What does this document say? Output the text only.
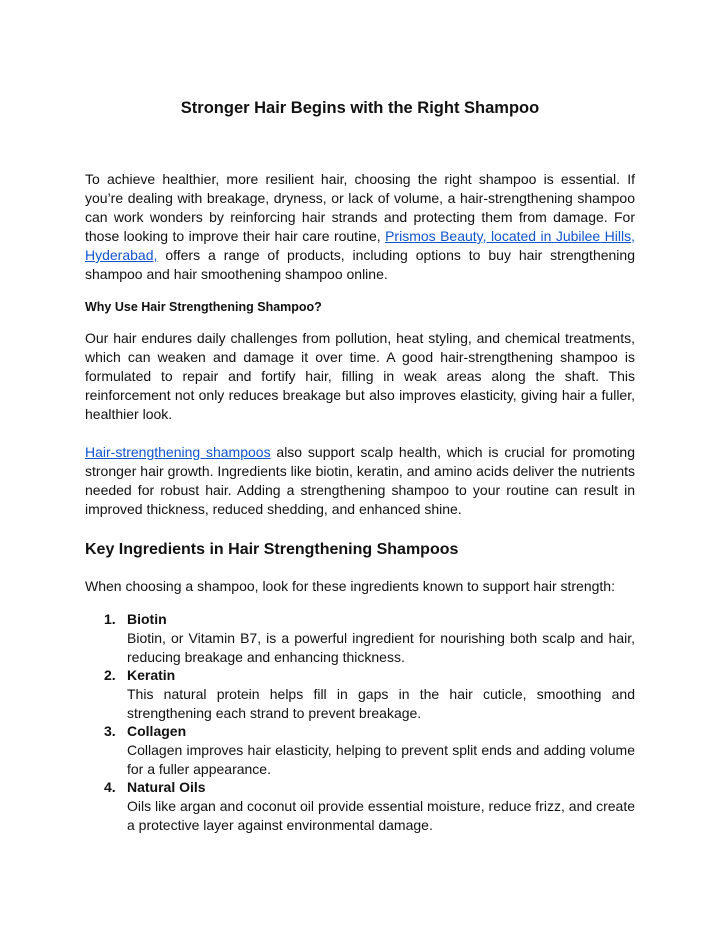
Stronger Hair Begins with the Right Shampoo

To achieve healthier, more resilient hair, choosing the right shampoo is essential. If you’re dealing with breakage, dryness, or lack of volume, a hair-strengthening shampoo can work wonders by reinforcing hair strands and protecting them from damage. For those looking to improve their hair care routine, Prismos Beauty, located in Jubilee Hills, Hyderabad, offers a range of products, including options to buy hair strengthening shampoo and hair smoothening shampoo online.

Why Use Hair Strengthening Shampoo?

Our hair endures daily challenges from pollution, heat styling, and chemical treatments, which can weaken and damage it over time. A good hair-strengthening shampoo is formulated to repair and fortify hair, filling in weak areas along the shaft. This reinforcement not only reduces breakage but also improves elasticity, giving hair a fuller, healthier look.

Hair-strengthening shampoos also support scalp health, which is crucial for promoting stronger hair growth. Ingredients like biotin, keratin, and amino acids deliver the nutrients needed for robust hair. Adding a strengthening shampoo to your routine can result in improved thickness, reduced shedding, and enhanced shine.

Key Ingredients in Hair Strengthening Shampoos

When choosing a shampoo, look for these ingredients known to support hair strength:

1. Biotin
Biotin, or Vitamin B7, is a powerful ingredient for nourishing both scalp and hair, reducing breakage and enhancing thickness.
2. Keratin
This natural protein helps fill in gaps in the hair cuticle, smoothing and strengthening each strand to prevent breakage.
3. Collagen
Collagen improves hair elasticity, helping to prevent split ends and adding volume for a fuller appearance.
4. Natural Oils
Oils like argan and coconut oil provide essential moisture, reduce frizz, and create a protective layer against environmental damage.
